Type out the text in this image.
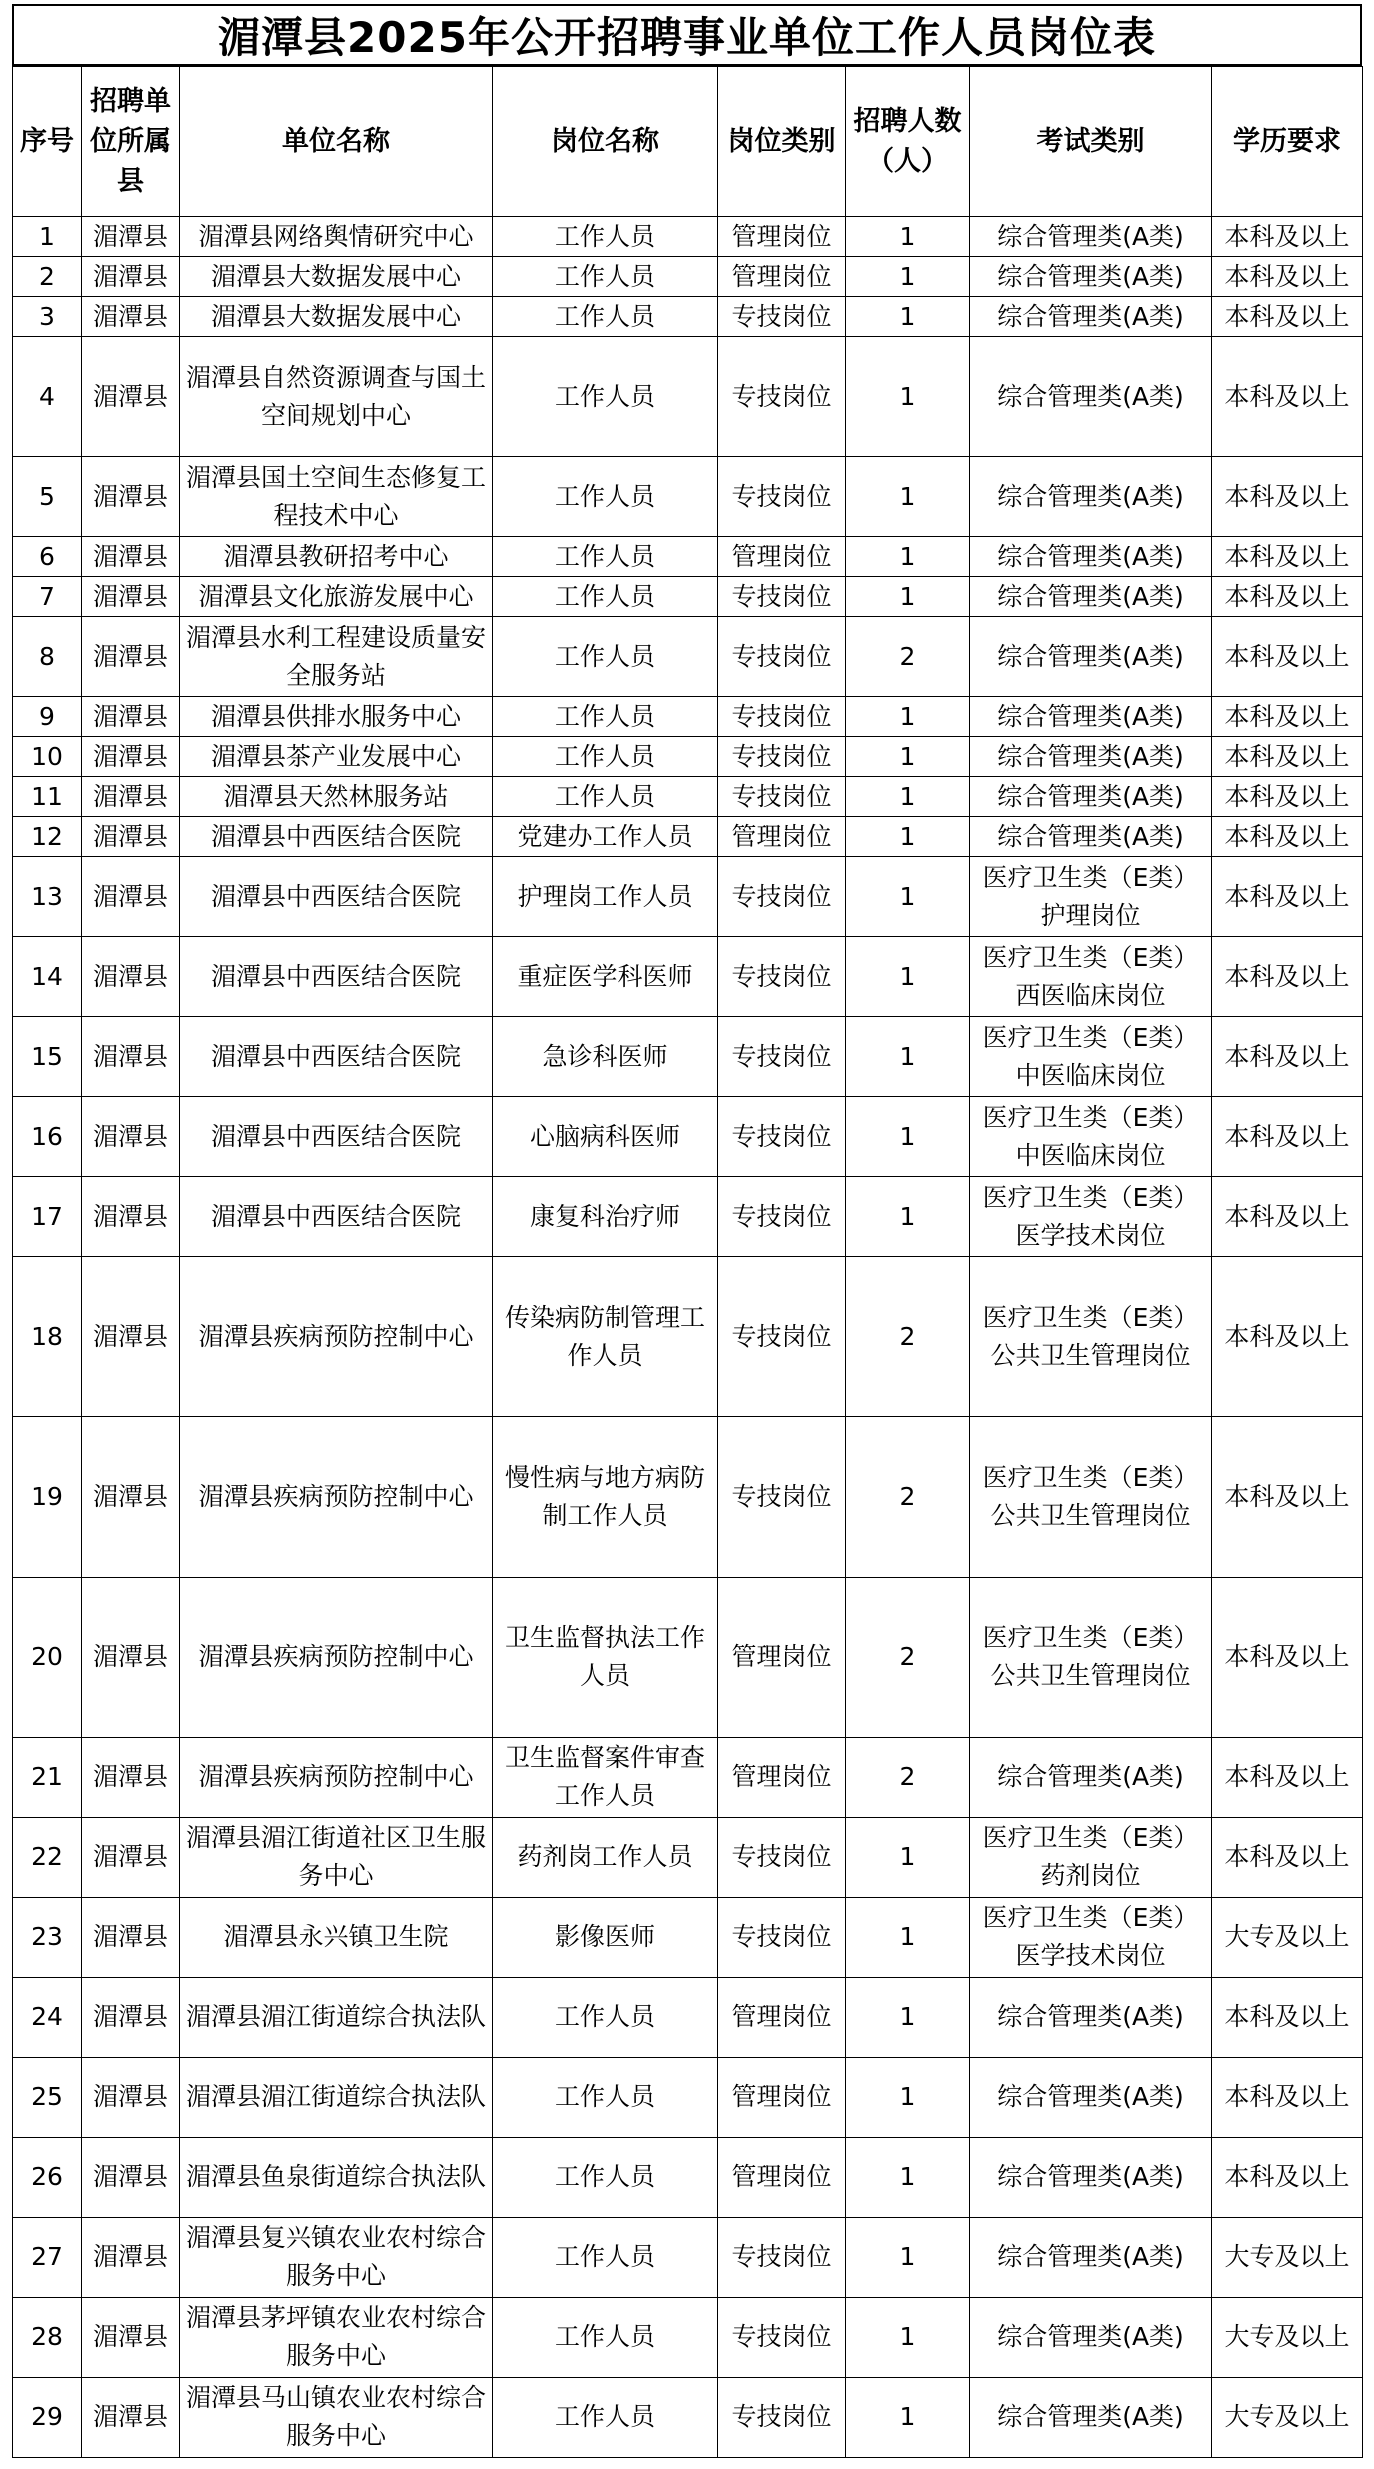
湄潭县2025年公开招聘事业单位工作人员岗位表
序号	招聘单位所属县	单位名称	岗位名称	岗位类别	招聘人数（人）	考试类别	学历要求
1	湄潭县	湄潭县网络舆情研究中心	工作人员	管理岗位	1	综合管理类(A类)	本科及以上
2	湄潭县	湄潭县大数据发展中心	工作人员	管理岗位	1	综合管理类(A类)	本科及以上
3	湄潭县	湄潭县大数据发展中心	工作人员	专技岗位	1	综合管理类(A类)	本科及以上
4	湄潭县	湄潭县自然资源调查与国土空间规划中心	工作人员	专技岗位	1	综合管理类(A类)	本科及以上
5	湄潭县	湄潭县国土空间生态修复工程技术中心	工作人员	专技岗位	1	综合管理类(A类)	本科及以上
6	湄潭县	湄潭县教研招考中心	工作人员	管理岗位	1	综合管理类(A类)	本科及以上
7	湄潭县	湄潭县文化旅游发展中心	工作人员	专技岗位	1	综合管理类(A类)	本科及以上
8	湄潭县	湄潭县水利工程建设质量安全服务站	工作人员	专技岗位	2	综合管理类(A类)	本科及以上
9	湄潭县	湄潭县供排水服务中心	工作人员	专技岗位	1	综合管理类(A类)	本科及以上
10	湄潭县	湄潭县茶产业发展中心	工作人员	专技岗位	1	综合管理类(A类)	本科及以上
11	湄潭县	湄潭县天然林服务站	工作人员	专技岗位	1	综合管理类(A类)	本科及以上
12	湄潭县	湄潭县中西医结合医院	党建办工作人员	管理岗位	1	综合管理类(A类)	本科及以上
13	湄潭县	湄潭县中西医结合医院	护理岗工作人员	专技岗位	1	医疗卫生类（E类）护理岗位	本科及以上
14	湄潭县	湄潭县中西医结合医院	重症医学科医师	专技岗位	1	医疗卫生类（E类）西医临床岗位	本科及以上
15	湄潭县	湄潭县中西医结合医院	急诊科医师	专技岗位	1	医疗卫生类（E类）中医临床岗位	本科及以上
16	湄潭县	湄潭县中西医结合医院	心脑病科医师	专技岗位	1	医疗卫生类（E类）中医临床岗位	本科及以上
17	湄潭县	湄潭县中西医结合医院	康复科治疗师	专技岗位	1	医疗卫生类（E类）医学技术岗位	本科及以上
18	湄潭县	湄潭县疾病预防控制中心	传染病防制管理工作人员	专技岗位	2	医疗卫生类（E类）公共卫生管理岗位	本科及以上
19	湄潭县	湄潭县疾病预防控制中心	慢性病与地方病防制工作人员	专技岗位	2	医疗卫生类（E类）公共卫生管理岗位	本科及以上
20	湄潭县	湄潭县疾病预防控制中心	卫生监督执法工作人员	管理岗位	2	医疗卫生类（E类）公共卫生管理岗位	本科及以上
21	湄潭县	湄潭县疾病预防控制中心	卫生监督案件审查工作人员	管理岗位	2	综合管理类(A类)	本科及以上
22	湄潭县	湄潭县湄江街道社区卫生服务中心	药剂岗工作人员	专技岗位	1	医疗卫生类（E类）药剂岗位	本科及以上
23	湄潭县	湄潭县永兴镇卫生院	影像医师	专技岗位	1	医疗卫生类（E类）医学技术岗位	大专及以上
24	湄潭县	湄潭县湄江街道综合执法队	工作人员	管理岗位	1	综合管理类(A类)	本科及以上
25	湄潭县	湄潭县湄江街道综合执法队	工作人员	管理岗位	1	综合管理类(A类)	本科及以上
26	湄潭县	湄潭县鱼泉街道综合执法队	工作人员	管理岗位	1	综合管理类(A类)	本科及以上
27	湄潭县	湄潭县复兴镇农业农村综合服务中心	工作人员	专技岗位	1	综合管理类(A类)	大专及以上
28	湄潭县	湄潭县茅坪镇农业农村综合服务中心	工作人员	专技岗位	1	综合管理类(A类)	大专及以上
29	湄潭县	湄潭县马山镇农业农村综合服务中心	工作人员	专技岗位	1	综合管理类(A类)	大专及以上
